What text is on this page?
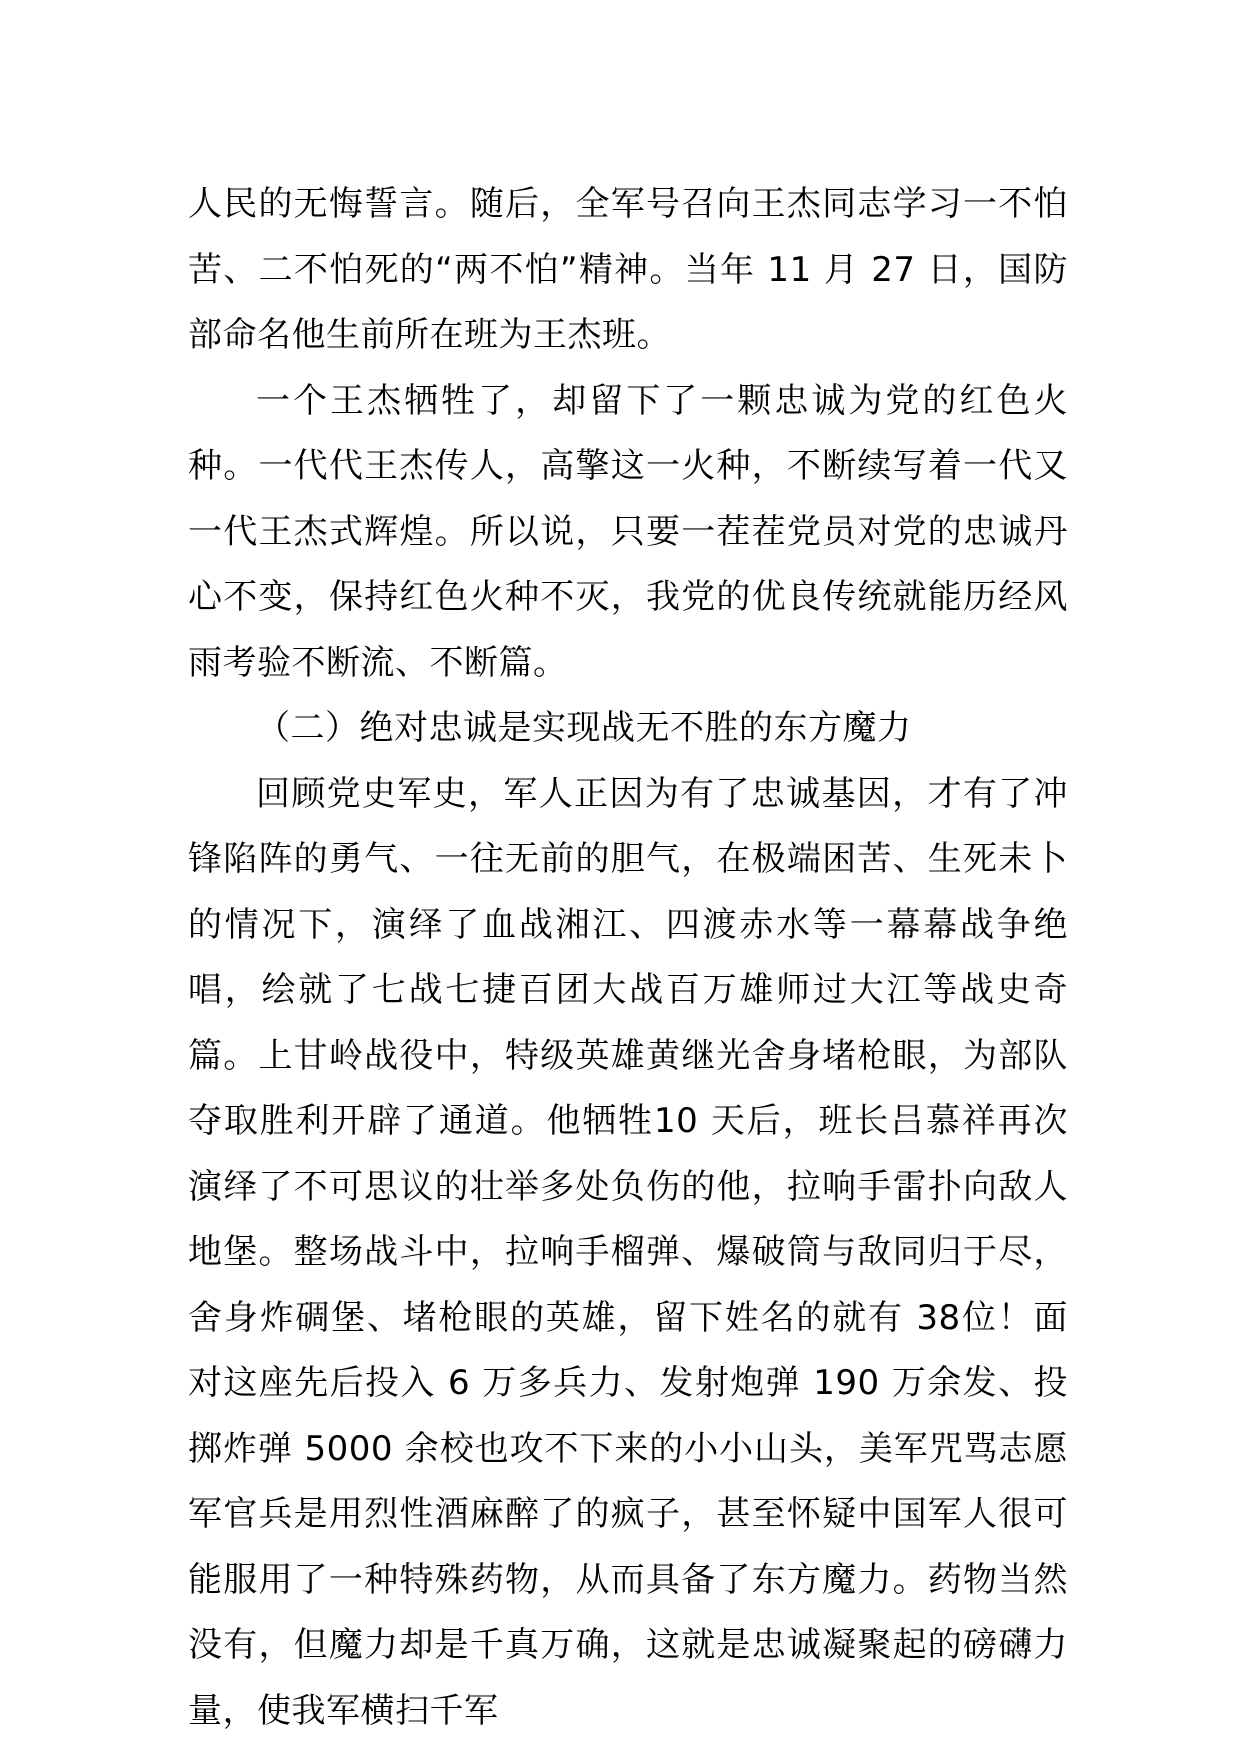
人民的无悔誓言。随后，全军号召向王杰同志学习一不怕苦、二不怕死的“两不怕”精神。当年 11 月 27 日，国防部命名他生前所在班为王杰班。

一个王杰牺牲了，却留下了一颗忠诚为党的红色火种。一代代王杰传人，高擎这一火种，不断续写着一代又一代王杰式辉煌。所以说，只要一茬茬党员对党的忠诚丹心不变，保持红色火种不灭，我党的优良传统就能历经风雨考验不断流、不断篇。

（二）绝对忠诚是实现战无不胜的东方魔力

回顾党史军史，军人正因为有了忠诚基因，才有了冲锋陷阵的勇气、一往无前的胆气，在极端困苦、生死未卜的情况下，演绎了血战湘江、四渡赤水等一幕幕战争绝唱，绘就了七战七捷百团大战百万雄师过大江等战史奇篇。上甘岭战役中，特级英雄黄继光舍身堵枪眼，为部队夺取胜利开辟了通道。他牺牲10 天后，班长吕慕祥再次演绎了不可思议的壮举多处负伤的他，拉响手雷扑向敌人地堡。整场战斗中，拉响手榴弹、爆破筒与敌同归于尽，舍身炸碉堡、堵枪眼的英雄，留下姓名的就有 38位！面对这座先后投入 6 万多兵力、发射炮弹 190 万余发、投掷炸弹 5000 余校也攻不下来的小小山头，美军咒骂志愿军官兵是用烈性酒麻醉了的疯子，甚至怀疑中国军人很可能服用了一种特殊药物，从而具备了东方魔力。药物当然没有，但魔力却是千真万确，这就是忠诚凝聚起的磅礴力量，使我军横扫千军
